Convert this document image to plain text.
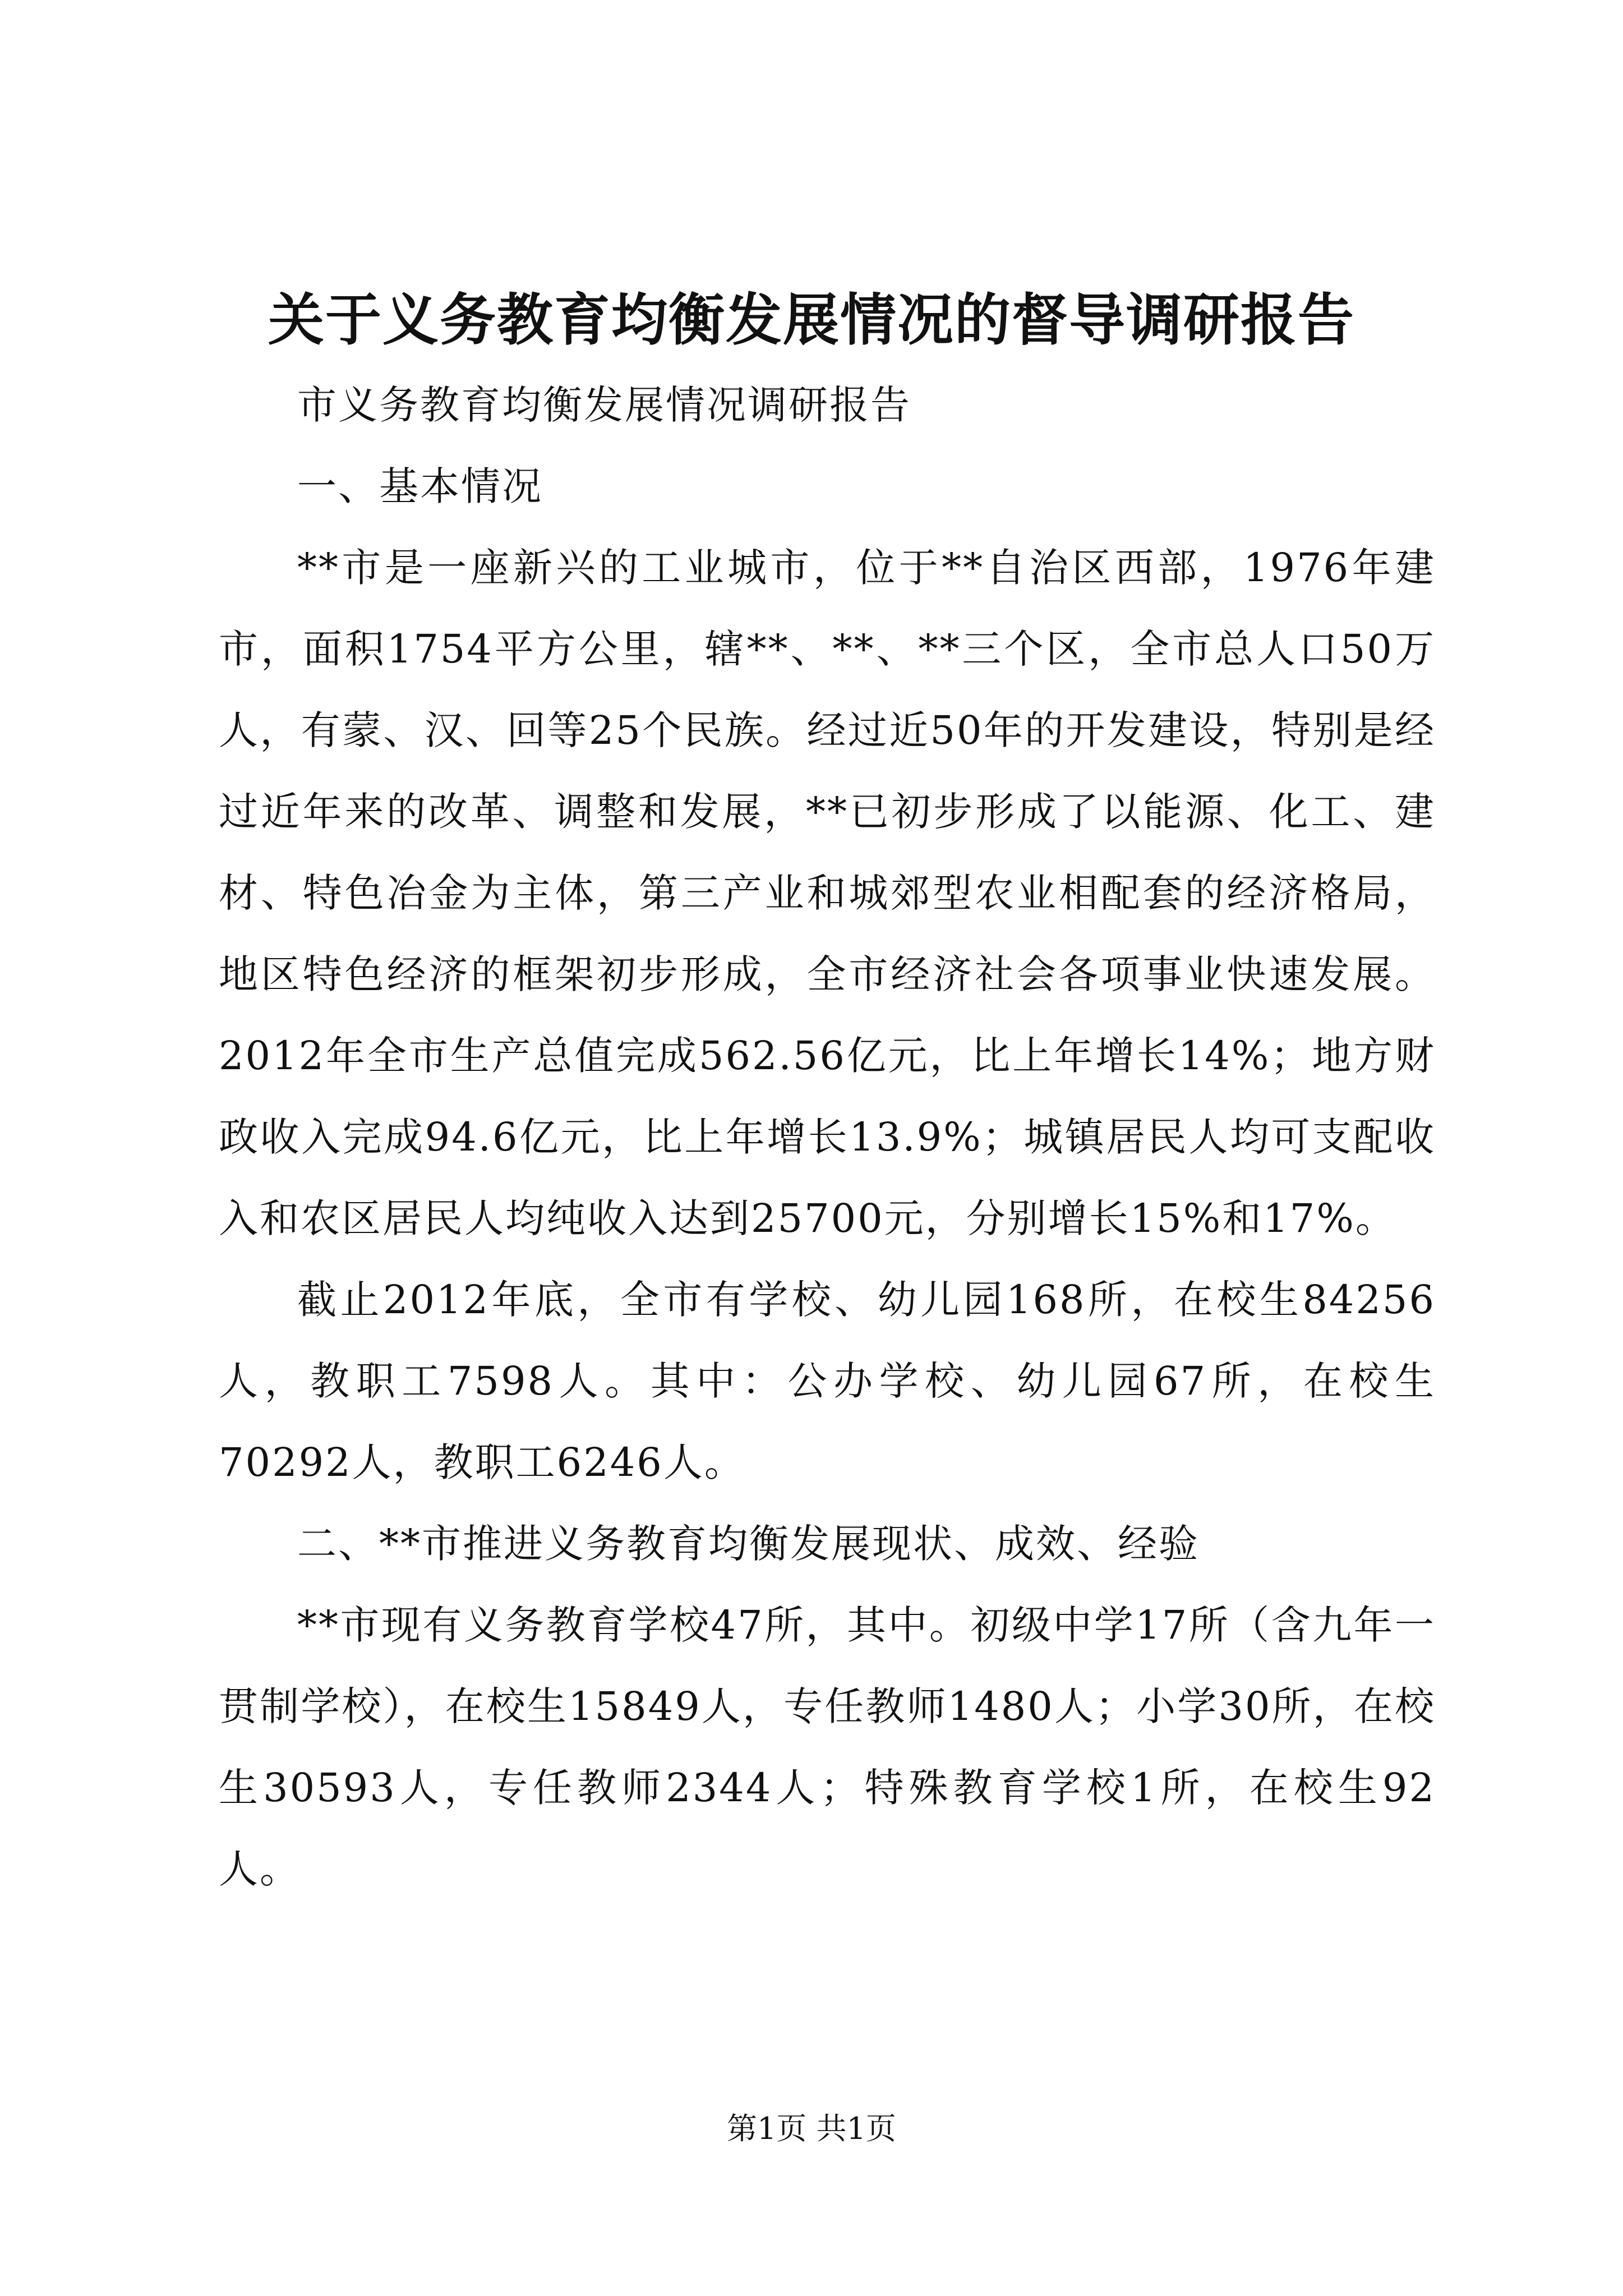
关于义务教育均衡发展情况的督导调研报告

市义务教育均衡发展情况调研报告

一、基本情况

**市是一座新兴的工业城市，位于**自治区西部，1976年建市，面积1754平方公里，辖**、**、**三个区，全市总人口50万人，有蒙、汉、回等25个民族。经过近50年的开发建设，特别是经过近年来的改革、调整和发展，**已初步形成了以能源、化工、建材、特色冶金为主体，第三产业和城郊型农业相配套的经济格局，地区特色经济的框架初步形成，全市经济社会各项事业快速发展。2012年全市生产总值完成562.56亿元，比上年增长14%；地方财政收入完成94.6亿元，比上年增长13.9%；城镇居民人均可支配收入和农区居民人均纯收入达到25700元，分别增长15%和17%。

截止2012年底，全市有学校、幼儿园168所，在校生84256人，教职工7598人。其中：公办学校、幼儿园67所，在校生70292人，教职工6246人。

二、**市推进义务教育均衡发展现状、成效、经验

**市现有义务教育学校47所，其中。初级中学17所（含九年一贯制学校），在校生15849人，专任教师1480人；小学30所，在校生30593人，专任教师2344人；特殊教育学校1所，在校生92人。

第1页 共1页
